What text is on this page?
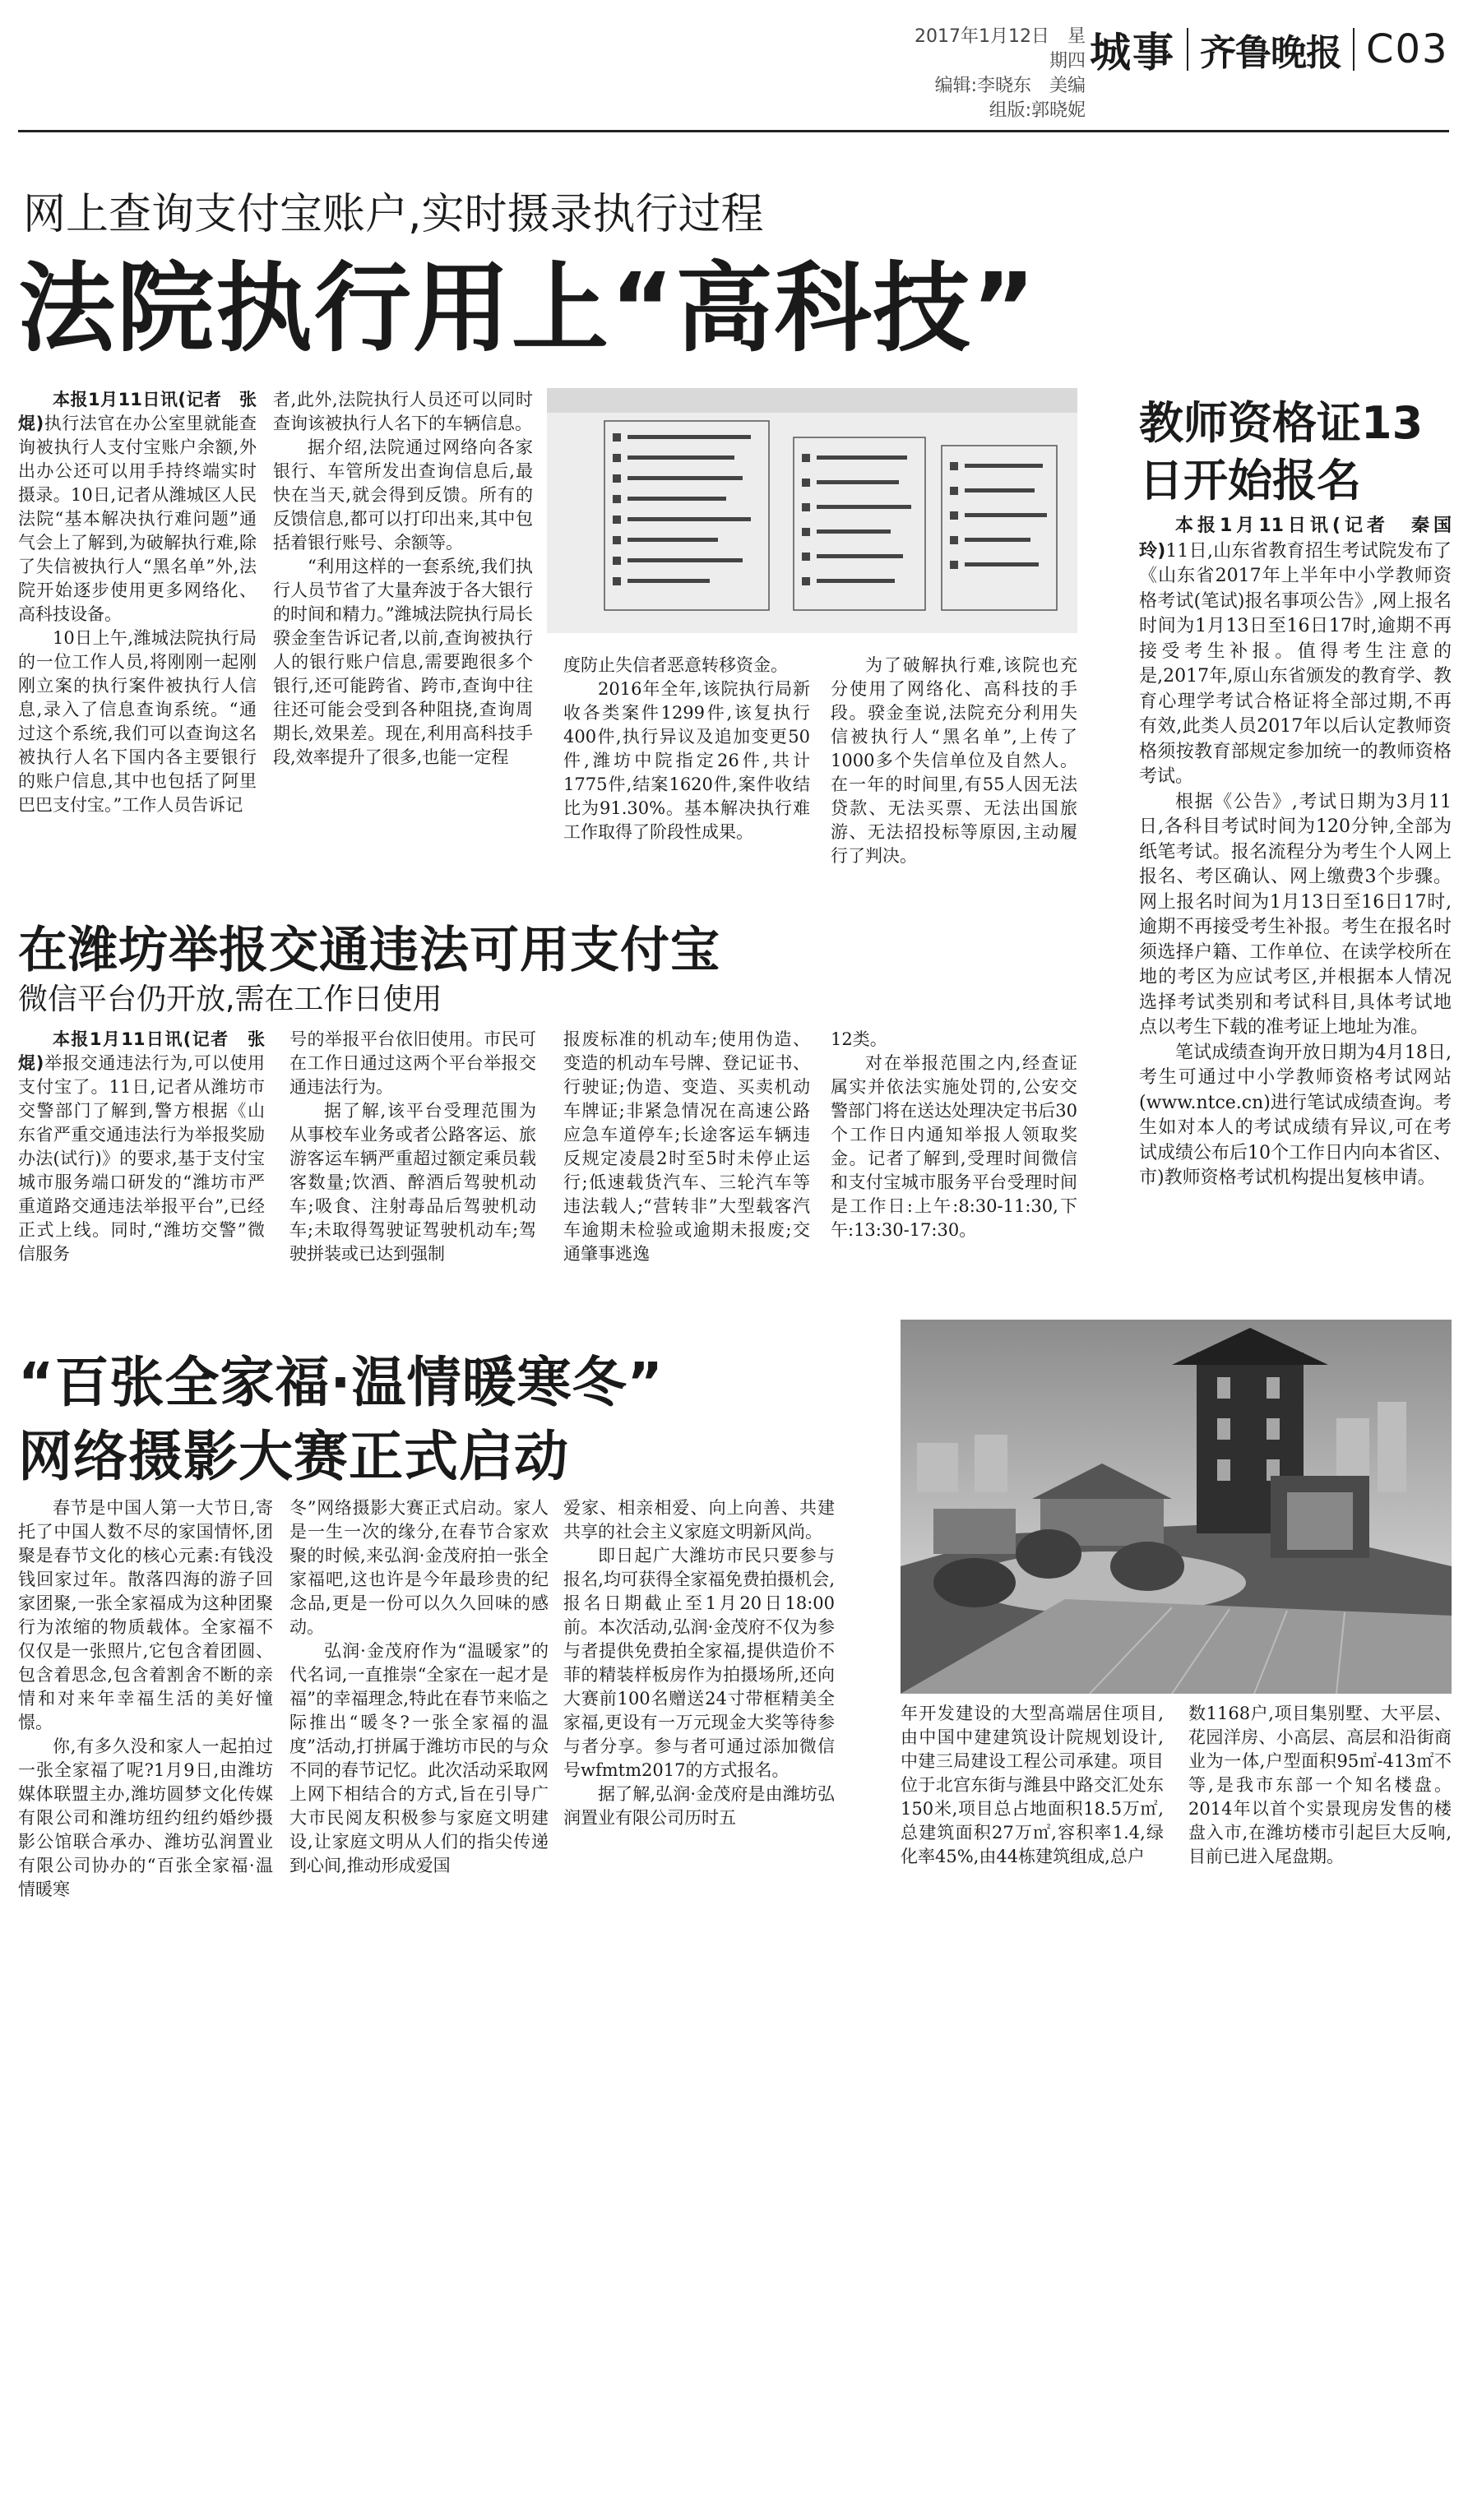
2017年1月12日　星期四
编辑:李晓东　美编　组版:郭晓妮
城事 齐鲁晚报 C03
网上查询支付宝账户,实时摄录执行过程
法院执行用上“高科技”

本报1月11日讯(记者　张焜)执行法官在办公室里就能查询被执行人支付宝账户余额,外出办公还可以用手持终端实时摄录。10日,记者从潍城区人民法院“基本解决执行难问题”通气会上了解到,为破解执行难,除了失信被执行人“黑名单”外,法院开始逐步使用更多网络化、高科技设备。

10日上午,潍城法院执行局的一位工作人员,将刚刚一起刚刚立案的执行案件被执行人信息,录入了信息查询系统。“通过这个系统,我们可以查询这名被执行人名下国内各主要银行的账户信息,其中也包括了阿里巴巴支付宝。”工作人员告诉记

者,此外,法院执行人员还可以同时查询该被执行人名下的车辆信息。

据介绍,法院通过网络向各家银行、车管所发出查询信息后,最快在当天,就会得到反馈。所有的反馈信息,都可以打印出来,其中包括着银行账号、余额等。

“利用这样的一套系统,我们执行人员节省了大量奔波于各大银行的时间和精力。”潍城法院执行局长骙金奎告诉记者,以前,查询被执行人的银行账户信息,需要跑很多个银行,还可能跨省、跨市,查询中往往还可能会受到各种阻挠,查询周期长,效果差。现在,利用高科技手段,效率提升了很多,也能一定程

度防止失信者恶意转移资金。

2016年全年,该院执行局新收各类案件1299件,该复执行400件,执行异议及追加变更50件,潍坊中院指定26件,共计1775件,结案1620件,案件收结比为91.30%。基本解决执行难工作取得了阶段性成果。

为了破解执行难,该院也充分使用了网络化、高科技的手段。骙金奎说,法院充分利用失信被执行人“黑名单”,上传了1000多个失信单位及自然人。在一年的时间里,有55人因无法贷款、无法买票、无法出国旅游、无法招投标等原因,主动履行了判决。

在潍坊举报交通违法可用支付宝
微信平台仍开放,需在工作日使用

本报1月11日讯(记者　张焜)举报交通违法行为,可以使用支付宝了。11日,记者从潍坊市交警部门了解到,警方根据《山东省严重交通违法行为举报奖励办法(试行)》的要求,基于支付宝城市服务端口研发的“潍坊市严重道路交通违法举报平台”,已经正式上线。同时,“潍坊交警”微信服务

号的举报平台依旧使用。市民可在工作日通过这两个平台举报交通违法行为。

据了解,该平台受理范围为从事校车业务或者公路客运、旅游客运车辆严重超过额定乘员载客数量;饮酒、醉酒后驾驶机动车;吸食、注射毒品后驾驶机动车;未取得驾驶证驾驶机动车;驾驶拼装或已达到强制

报废标准的机动车;使用伪造、变造的机动车号牌、登记证书、行驶证;伪造、变造、买卖机动车牌证;非紧急情况在高速公路应急车道停车;长途客运车辆违反规定凌晨2时至5时未停止运行;低速载货汽车、三轮汽车等违法载人;“营转非”大型载客汽车逾期未检验或逾期未报废;交通肇事逃逸

12类。

对在举报范围之内,经查证属实并依法实施处罚的,公安交警部门将在送达处理决定书后30个工作日内通知举报人领取奖金。记者了解到,受理时间微信和支付宝城市服务平台受理时间是工作日:上午:8:30-11:30,下午:13:30-17:30。

教师资格证13日开始报名

本报1月11日讯(记者　秦国玲)11日,山东省教育招生考试院发布了《山东省2017年上半年中小学教师资格考试(笔试)报名事项公告》,网上报名时间为1月13日至16日17时,逾期不再接受考生补报。值得考生注意的是,2017年,原山东省颁发的教育学、教育心理学考试合格证将全部过期,不再有效,此类人员2017年以后认定教师资格须按教育部规定参加统一的教师资格考试。

根据《公告》,考试日期为3月11日,各科目考试时间为120分钟,全部为纸笔考试。报名流程分为考生个人网上报名、考区确认、网上缴费3个步骤。网上报名时间为1月13日至16日17时,逾期不再接受考生补报。考生在报名时须选择户籍、工作单位、在读学校所在地的考区为应试考区,并根据本人情况选择考试类别和考试科目,具体考试地点以考生下载的准考证上地址为准。

笔试成绩查询开放日期为4月18日,考生可通过中小学教师资格考试网站(www.ntce.cn)进行笔试成绩查询。考生如对本人的考试成绩有异议,可在考试成绩公布后10个工作日内向本省区、市)教师资格考试机构提出复核申请。

“百张全家福·温情暖寒冬”
网络摄影大赛正式启动

春节是中国人第一大节日,寄托了中国人数不尽的家国情怀,团聚是春节文化的核心元素:有钱没钱回家过年。散落四海的游子回家团聚,一张全家福成为这种团聚行为浓缩的物质载体。全家福不仅仅是一张照片,它包含着团圆、包含着思念,包含着割舍不断的亲情和对来年幸福生活的美好憧憬。

你,有多久没和家人一起拍过一张全家福了呢?1月9日,由潍坊媒体联盟主办,潍坊圆梦文化传媒有限公司和潍坊纽约纽约婚纱摄影公馆联合承办、潍坊弘润置业有限公司协办的“百张全家福·温情暖寒

冬”网络摄影大赛正式启动。家人是一生一次的缘分,在春节合家欢聚的时候,来弘润·金茂府拍一张全家福吧,这也许是今年最珍贵的纪念品,更是一份可以久久回味的感动。

弘润·金茂府作为“温暖家”的代名词,一直推崇“全家在一起才是福”的幸福理念,特此在春节来临之际推出“暖冬?一张全家福的温度”活动,打拼属于潍坊市民的与众不同的春节记忆。此次活动采取网上网下相结合的方式,旨在引导广大市民阅友积极参与家庭文明建设,让家庭文明从人们的指尖传递到心间,推动形成爱国

爱家、相亲相爱、向上向善、共建共享的社会主义家庭文明新风尚。

即日起广大潍坊市民只要参与报名,均可获得全家福免费拍摄机会,报名日期截止至1月20日18:00前。本次活动,弘润·金茂府不仅为参与者提供免费拍全家福,提供造价不菲的精装样板房作为拍摄场所,还向大赛前100名赠送24寸带框精美全家福,更设有一万元现金大奖等待参与者分享。参与者可通过添加微信号wfmtm2017的方式报名。

据了解,弘润·金茂府是由潍坊弘润置业有限公司历时五

年开发建设的大型高端居住项目,由中国中建建筑设计院规划设计,中建三局建设工程公司承建。项目位于北宫东街与潍县中路交汇处东150米,项目总占地面积18.5万㎡,总建筑面积27万㎡,容积率1.4,绿化率45%,由44栋建筑组成,总户

数1168户,项目集别墅、大平层、花园洋房、小高层、高层和沿街商业为一体,户型面积95㎡-413㎡不等,是我市东部一个知名楼盘。2014年以首个实景现房发售的楼盘入市,在潍坊楼市引起巨大反响,目前已进入尾盘期。
